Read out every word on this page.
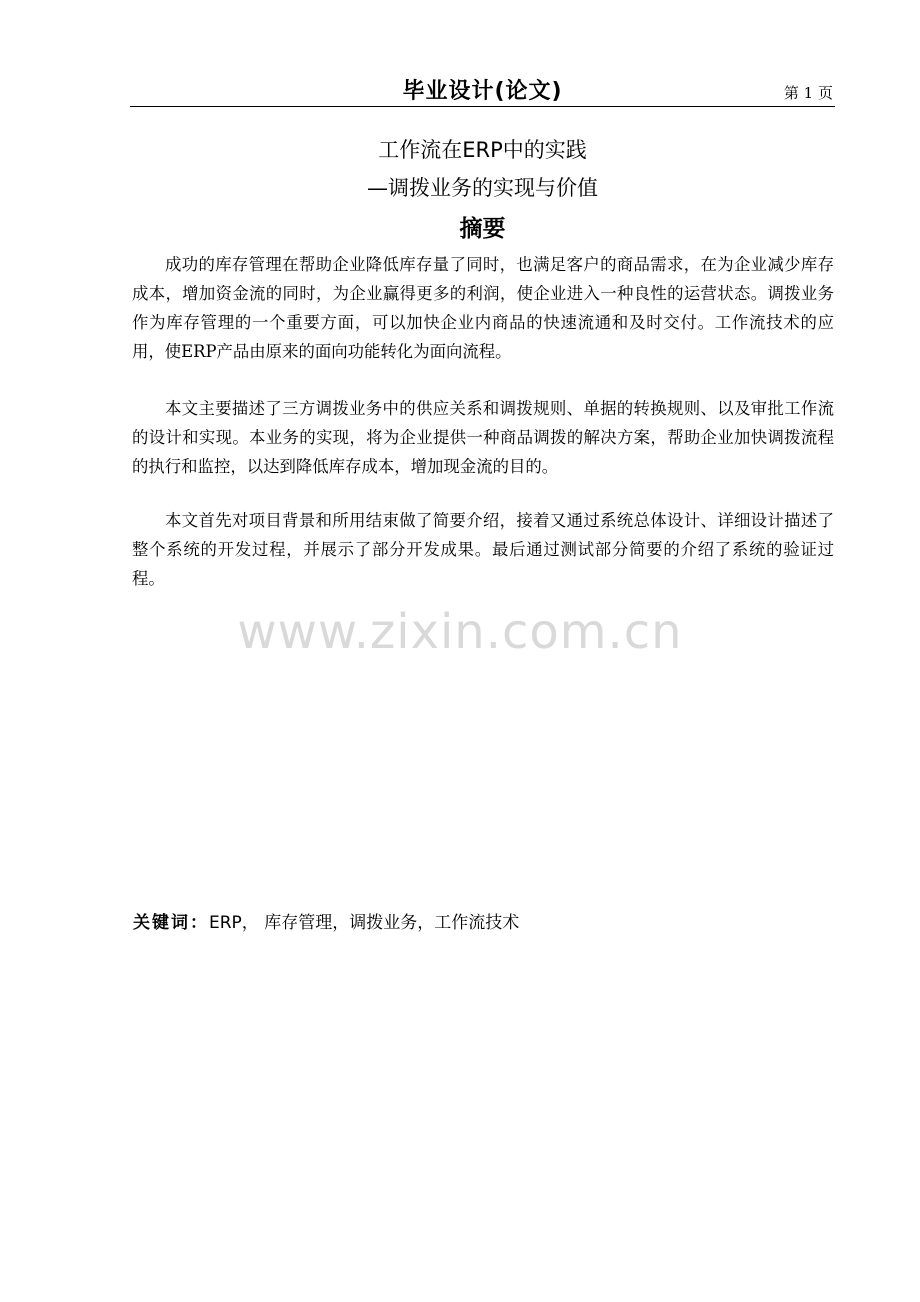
毕业设计(论文)	第 1 页
工作流在ERP中的实践
—调拨业务的实现与价值
摘要

成功的库存管理在帮助企业降低库存量了同时，也满足客户的商品需求，在为企业减少库存成本，增加资金流的同时，为企业赢得更多的利润，使企业进入一种良性的运营状态。调拨业务作为库存管理的一个重要方面，可以加快企业内商品的快速流通和及时交付。工作流技术的应用，使ERP产品由原来的面向功能转化为面向流程。

本文主要描述了三方调拨业务中的供应关系和调拨规则、单据的转换规则、以及审批工作流的设计和实现。本业务的实现，将为企业提供一种商品调拨的解决方案，帮助企业加快调拨流程的执行和监控，以达到降低库存成本，增加现金流的目的。

本文首先对项目背景和所用结束做了简要介绍，接着又通过系统总体设计、详细设计描述了整个系统的开发过程，并展示了部分开发成果。最后通过测试部分简要的介绍了系统的验证过程。

www.zixin.com.cn
关键词：ERP， 库存管理，调拨业务，工作流技术
